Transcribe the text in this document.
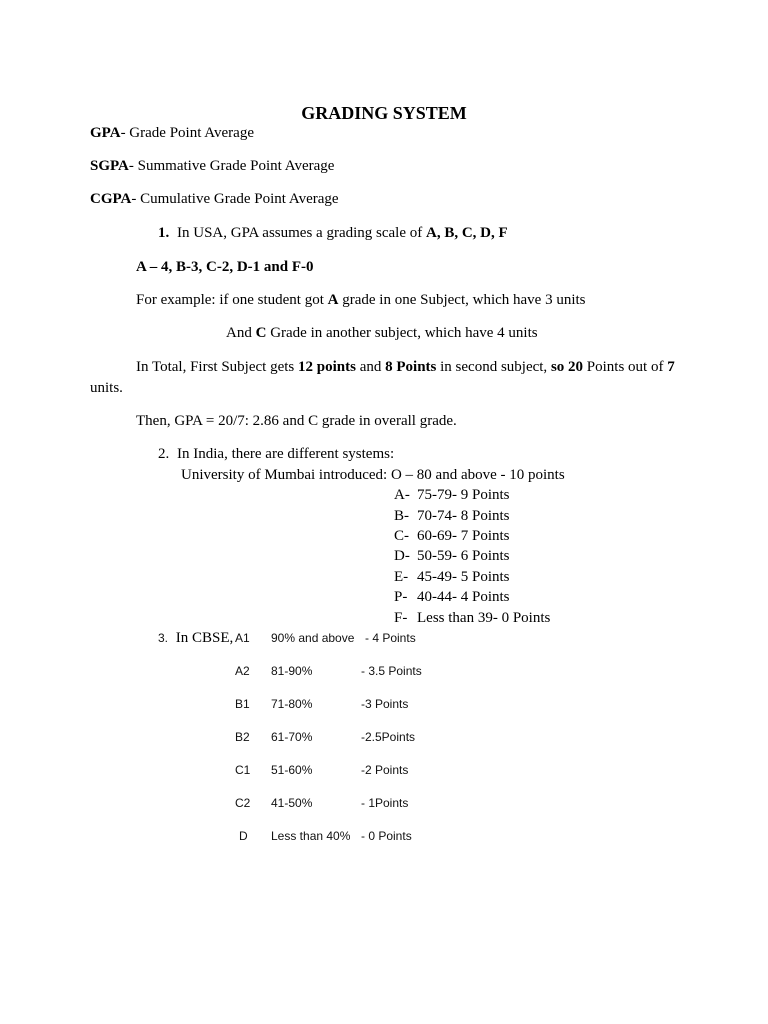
GRADING SYSTEM
GPA- Grade Point Average
SGPA- Summative Grade Point Average
CGPA- Cumulative Grade Point Average
1. In USA, GPA assumes a grading scale of A, B, C, D, F
A – 4, B-3, C-2, D-1 and F-0
For example: if one student got A grade in one Subject, which have 3 units
And C Grade in another subject, which have 4 units
In Total, First Subject gets 12 points and 8 Points in second subject, so 20 Points out of 7
units.
Then, GPA = 20/7: 2.86 and C grade in overall grade.
2. In India, there are different systems:
University of Mumbai introduced: O – 80 and above - 10 points
A- 75-79- 9 Points
B- 70-74- 8 Points
C- 60-69- 7 Points
D- 50-59- 6 Points
E- 45-49- 5 Points
P- 40-44- 4 Points
F- Less than 39- 0 Points
3. In CBSE, A1 90% and above - 4 Points
A2 81-90%	- 3.5 Points
B1 71-80%	-3 Points
B2 61-70%	-2.5Points
C1 51-60%	-2 Points
C2 41-50%	- 1Points
D Less than 40% - 0 Points
